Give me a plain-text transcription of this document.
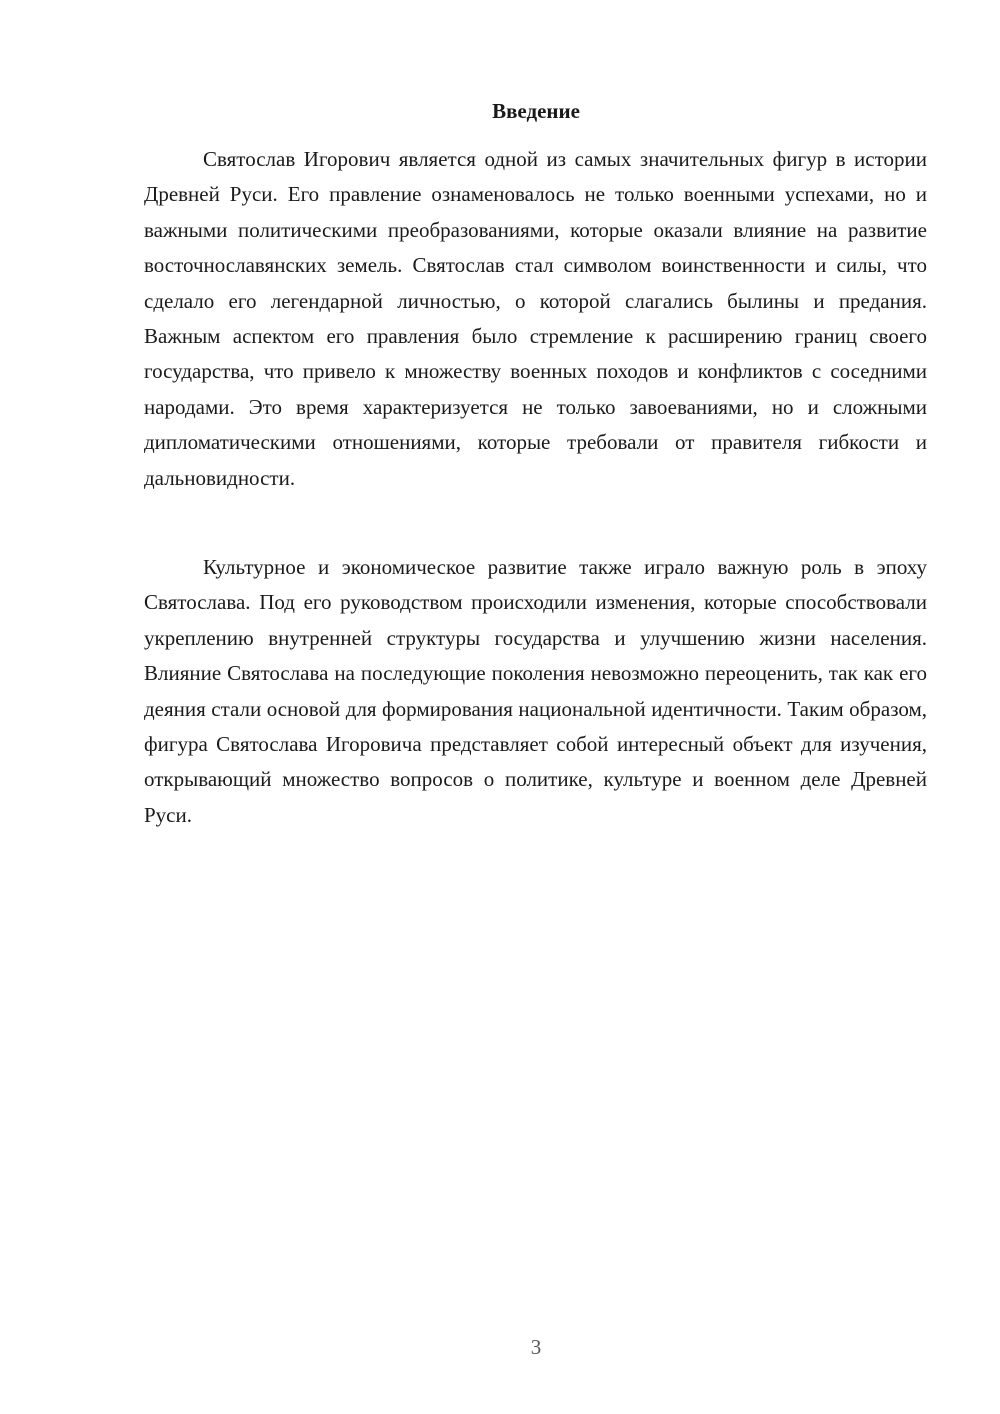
Введение

Святослав Игорович является одной из самых значительных фигур в истории Древней Руси. Его правление ознаменовалось не только военными успехами, но и важными политическими преобразованиями, которые оказали влияние на развитие восточнославянских земель. Святослав стал символом воинственности и силы, что сделало его легендарной личностью, о которой слагались былины и предания. Важным аспектом его правления было стремление к расширению границ своего государства, что привело к множеству военных походов и конфликтов с соседними народами. Это время характеризуется не только завоеваниями, но и сложными дипломатическими отношениями, которые требовали от правителя гибкости и дальновидности.

Культурное и экономическое развитие также играло важную роль в эпоху Святослава. Под его руководством происходили изменения, которые способствовали укреплению внутренней структуры государства и улучшению жизни населения. Влияние Святослава на последующие поколения невозможно переоценить, так как его деяния стали основой для формирования национальной идентичности. Таким образом, фигура Святослава Игоровича представляет собой интересный объект для изучения, открывающий множество вопросов о политике, культуре и военном деле Древней Руси.

3
